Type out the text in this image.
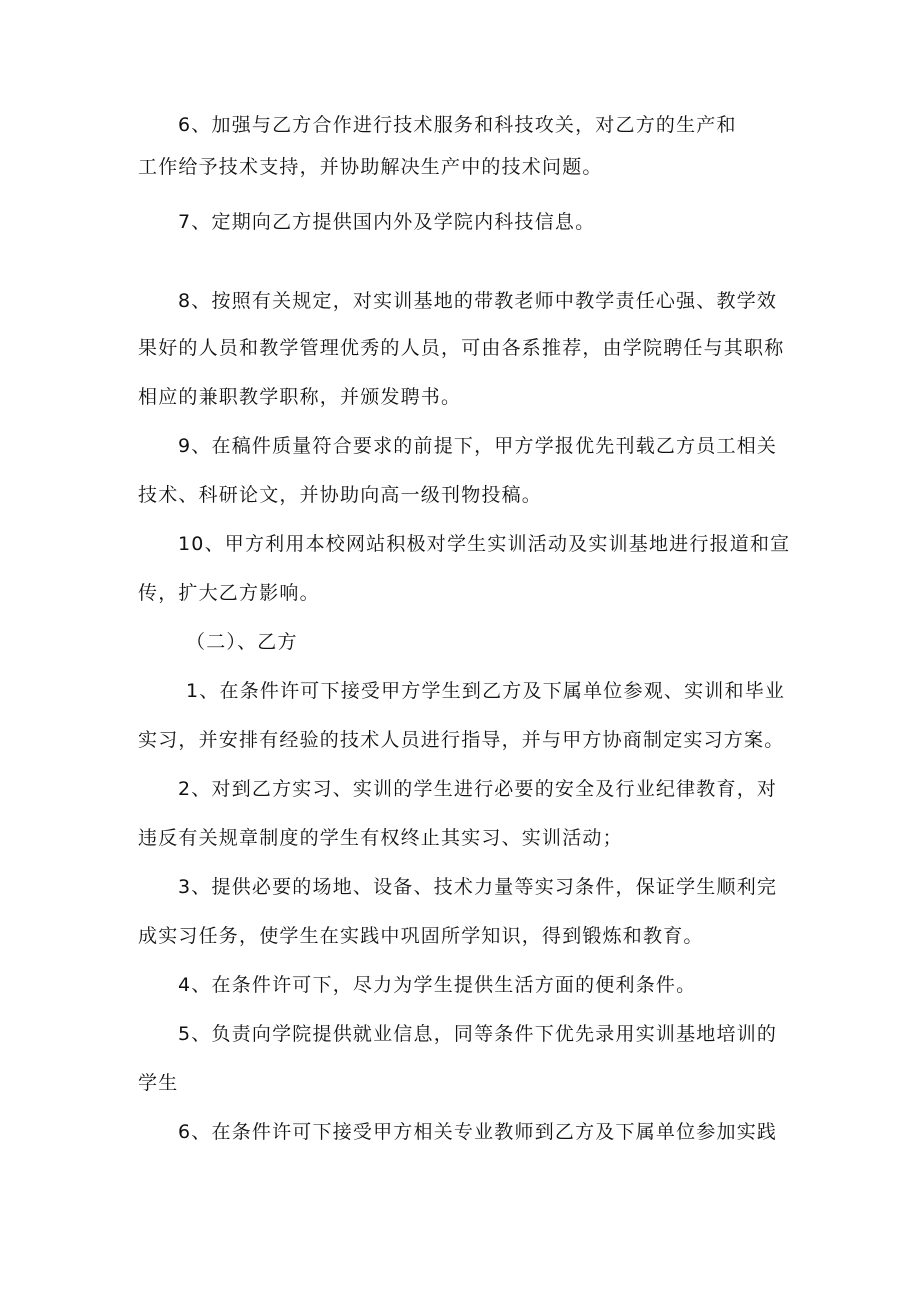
6、加强与乙方合作进行技术服务和科技攻关，对乙方的生产和
工作给予技术支持，并协助解决生产中的技术问题。
7、定期向乙方提供国内外及学院内科技信息。
8、按照有关规定，对实训基地的带教老师中教学责任心强、教学效
果好的人员和教学管理优秀的人员，可由各系推荐，由学院聘任与其职称
相应的兼职教学职称，并颁发聘书。
9、在稿件质量符合要求的前提下，甲方学报优先刊载乙方员工相关
技术、科研论文，并协助向高一级刊物投稿。
10、甲方利用本校网站积极对学生实训活动及实训基地进行报道和宣
传，扩大乙方影响。
（二）、乙方
1、在条件许可下接受甲方学生到乙方及下属单位参观、实训和毕业
实习，并安排有经验的技术人员进行指导，并与甲方协商制定实习方案。
2、对到乙方实习、实训的学生进行必要的安全及行业纪律教育，对
违反有关规章制度的学生有权终止其实习、实训活动；
3、提供必要的场地、设备、技术力量等实习条件，保证学生顺利完
成实习任务，使学生在实践中巩固所学知识，得到锻炼和教育。
4、在条件许可下，尽力为学生提供生活方面的便利条件。
5、负责向学院提供就业信息，同等条件下优先录用实训基地培训的
学生
6、在条件许可下接受甲方相关专业教师到乙方及下属单位参加实践
